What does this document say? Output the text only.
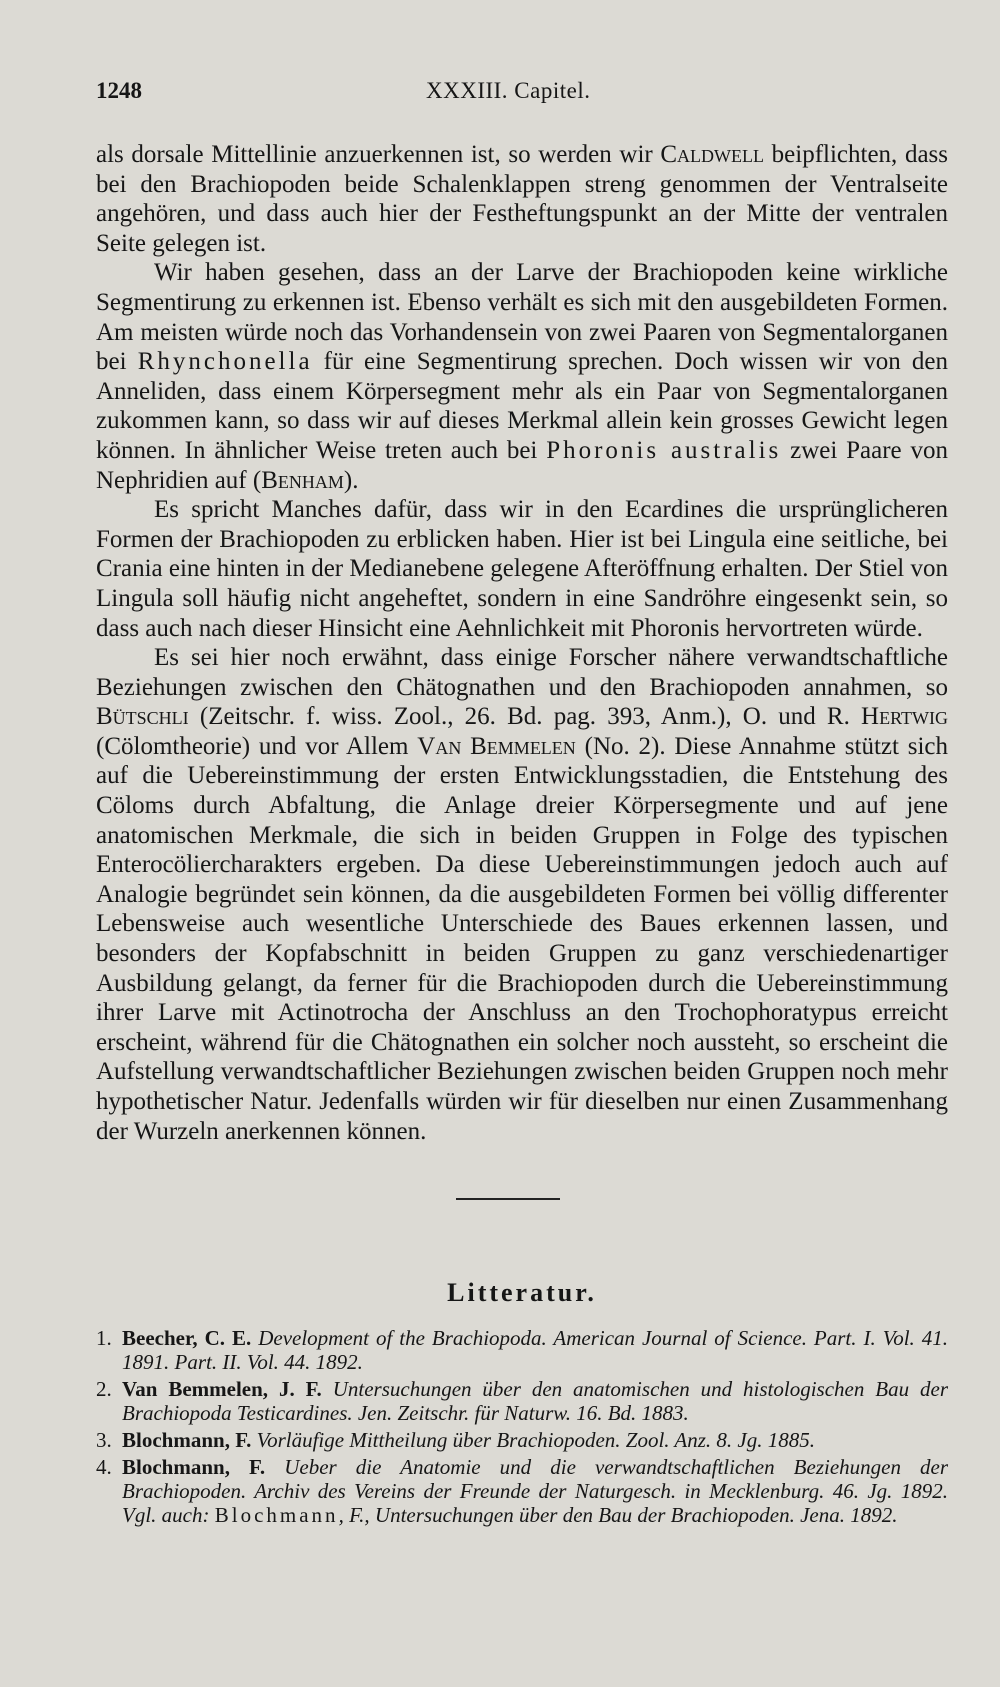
1248	XXXIII. Capitel.

als dorsale Mittellinie anzuerkennen ist, so werden wir Caldwell beipflichten, dass bei den Brachiopoden beide Schalenklappen streng genommen der Ventralseite angehören, und dass auch hier der Festheftungspunkt an der Mitte der ventralen Seite gelegen ist.

Wir haben gesehen, dass an der Larve der Brachiopoden keine wirkliche Segmentirung zu erkennen ist. Ebenso verhält es sich mit den ausgebildeten Formen. Am meisten würde noch das Vorhandensein von zwei Paaren von Segmentalorganen bei Rhynchonella für eine Segmentirung sprechen. Doch wissen wir von den Anneliden, dass einem Körpersegment mehr als ein Paar von Segmentalorganen zukommen kann, so dass wir auf dieses Merkmal allein kein grosses Gewicht legen können. In ähnlicher Weise treten auch bei Phoronis australis zwei Paare von Nephridien auf (Benham).

Es spricht Manches dafür, dass wir in den Ecardines die ursprünglicheren Formen der Brachiopoden zu erblicken haben. Hier ist bei Lingula eine seitliche, bei Crania eine hinten in der Medianebene gelegene Afteröffnung erhalten. Der Stiel von Lingula soll häufig nicht angeheftet, sondern in eine Sandröhre eingesenkt sein, so dass auch nach dieser Hinsicht eine Aehnlichkeit mit Phoronis hervortreten würde.

Es sei hier noch erwähnt, dass einige Forscher nähere verwandtschaftliche Beziehungen zwischen den Chätognathen und den Brachiopoden annahmen, so Bütschli (Zeitschr. f. wiss. Zool., 26. Bd. pag. 393, Anm.), O. und R. Hertwig (Cölomtheorie) und vor Allem Van Bemmelen (No. 2). Diese Annahme stützt sich auf die Uebereinstimmung der ersten Entwicklungsstadien, die Entstehung des Cöloms durch Abfaltung, die Anlage dreier Körpersegmente und auf jene anatomischen Merkmale, die sich in beiden Gruppen in Folge des typischen Enterocöliercharakters ergeben. Da diese Uebereinstimmungen jedoch auch auf Analogie begründet sein können, da die ausgebildeten Formen bei völlig differenter Lebensweise auch wesentliche Unterschiede des Baues erkennen lassen, und besonders der Kopfabschnitt in beiden Gruppen zu ganz verschiedenartiger Ausbildung gelangt, da ferner für die Brachiopoden durch die Uebereinstimmung ihrer Larve mit Actinotrocha der Anschluss an den Trochophoratypus erreicht erscheint, während für die Chätognathen ein solcher noch aussteht, so erscheint die Aufstellung verwandtschaftlicher Beziehungen zwischen beiden Gruppen noch mehr hypothetischer Natur. Jedenfalls würden wir für dieselben nur einen Zusammenhang der Wurzeln anerkennen können.

Litteratur.
1. Beecher, C. E. Development of the Brachiopoda. American Journal of Science. Part. I. Vol. 41. 1891. Part. II. Vol. 44. 1892.
2. Van Bemmelen, J. F. Untersuchungen über den anatomischen und histologischen Bau der Brachiopoda Testicardines. Jen. Zeitschr. für Naturw. 16. Bd. 1883.
3. Blochmann, F. Vorläufige Mittheilung über Brachiopoden. Zool. Anz. 8. Jg. 1885.
4. Blochmann, F. Ueber die Anatomie und die verwandtschaftlichen Beziehungen der Brachiopoden. Archiv des Vereins der Freunde der Naturgesch. in Mecklenburg. 46. Jg. 1892. Vgl. auch: Blochmann, F., Untersuchungen über den Bau der Brachiopoden. Jena. 1892.
